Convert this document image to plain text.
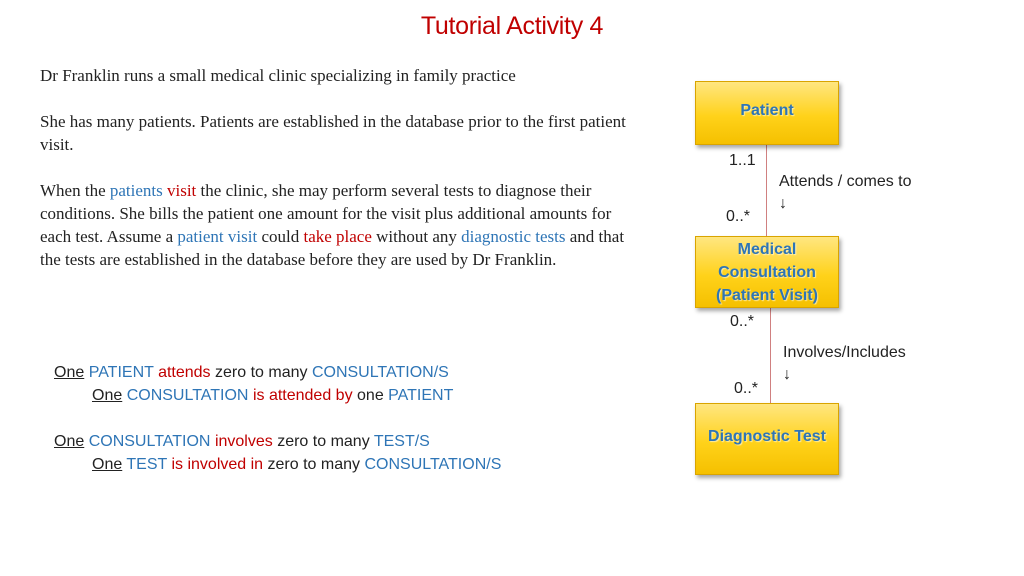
Tutorial Activity 4
Dr Franklin runs a small medical clinic specializing in family practice
She has many patients. Patients are established in the database prior to the first patient visit.
When the patients visit the clinic, she may perform several tests to diagnose their conditions. She bills the patient one amount for the visit plus additional amounts for each test. Assume a patient visit could take place without any diagnostic tests and that the tests are established in the database before they are used by Dr Franklin.
One PATIENT attends zero to many CONSULTATION/S
One CONSULTATION is attended by one PATIENT
One CONSULTATION involves zero to many TEST/S
One TEST is involved in zero to many CONSULTATION/S
Patient
Medical
Consultation
(Patient Visit)
Diagnostic Test
1..1
0..*
0..*
0..*
Attends / comes to
↓
Involves/Includes
↓
